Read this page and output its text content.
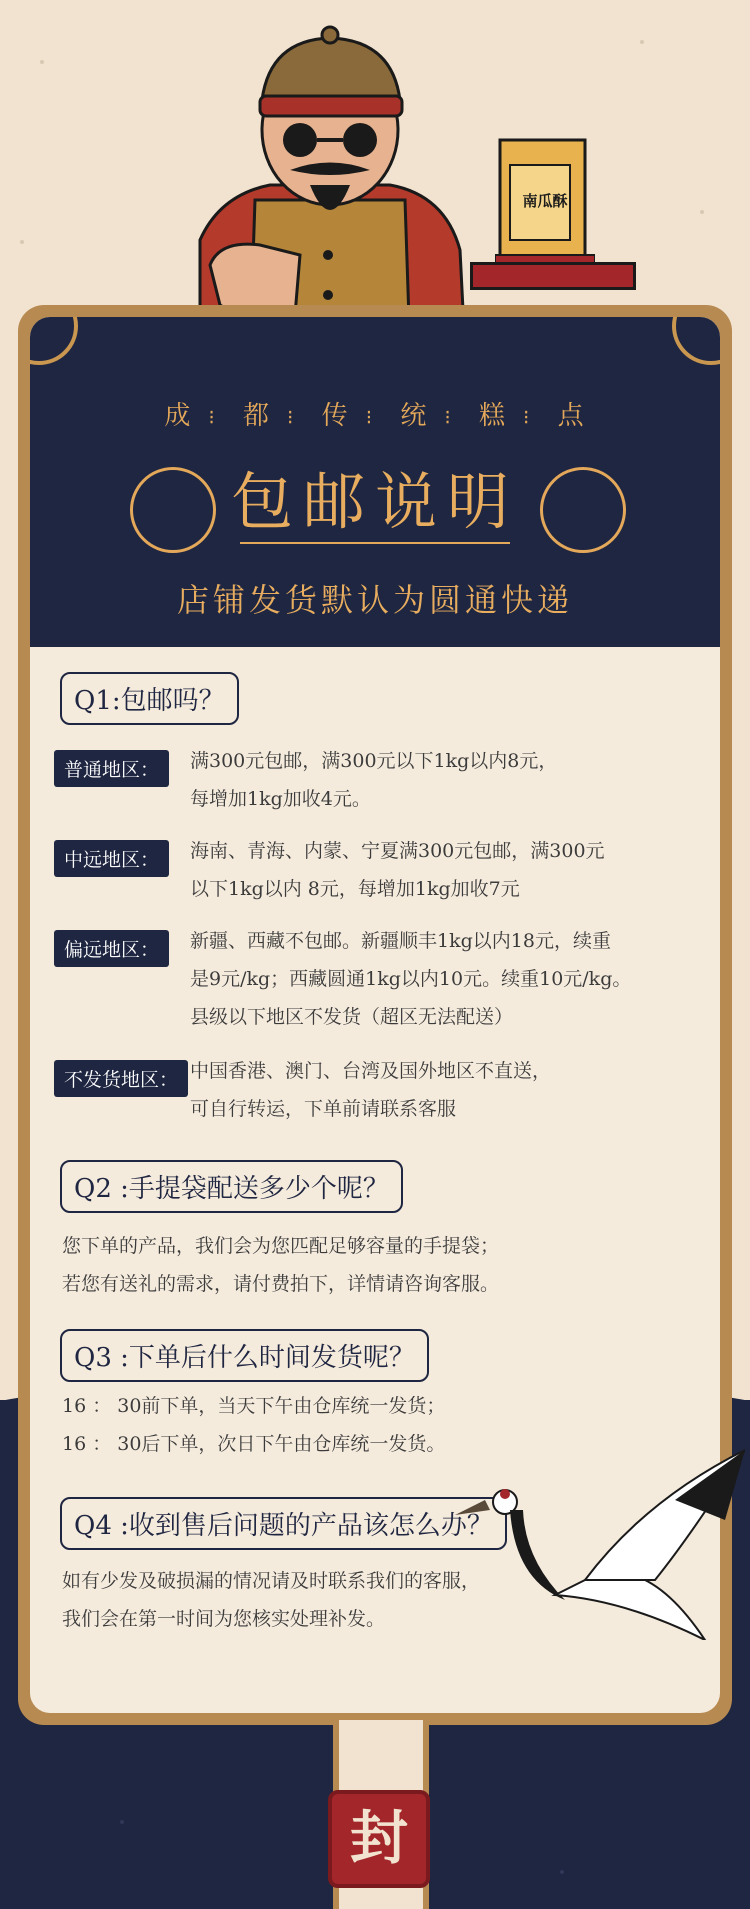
南瓜酥
成 ⁝ 都 ⁝ 传 ⁝ 统 ⁝ 糕 ⁝ 点
包邮说明
店铺发货默认为圆通快递
Q1:包邮吗？
普通地区：	满300元包邮，满300元以下1kg以内8元，
每增加1kg加收4元。
中远地区：	海南、青海、内蒙、宁夏满300元包邮，满300元
以下1kg以内 8元，每增加1kg加收7元
偏远地区：	新疆、西藏不包邮。新疆顺丰1kg以内18元，续重
是9元/kg；西藏圆通1kg以内10元。续重10元/kg。
县级以下地区不发货（超区无法配送）
不发货地区： 中国香港、澳门、台湾及国外地区不直送，
可自行转运，下单前请联系客服
Q2 :手提袋配送多少个呢？
您下单的产品，我们会为您匹配足够容量的手提袋；
若您有送礼的需求，请付费拍下，详情请咨询客服。
Q3 :下单后什么时间发货呢？
16 ： 30前下单，当天下午由仓库统一发货；
16 ： 30后下单，次日下午由仓库统一发货。
Q4 :收到售后问题的产品该怎么办？
如有少发及破损漏的情况请及时联系我们的客服，
我们会在第一时间为您核实处理补发。
封
